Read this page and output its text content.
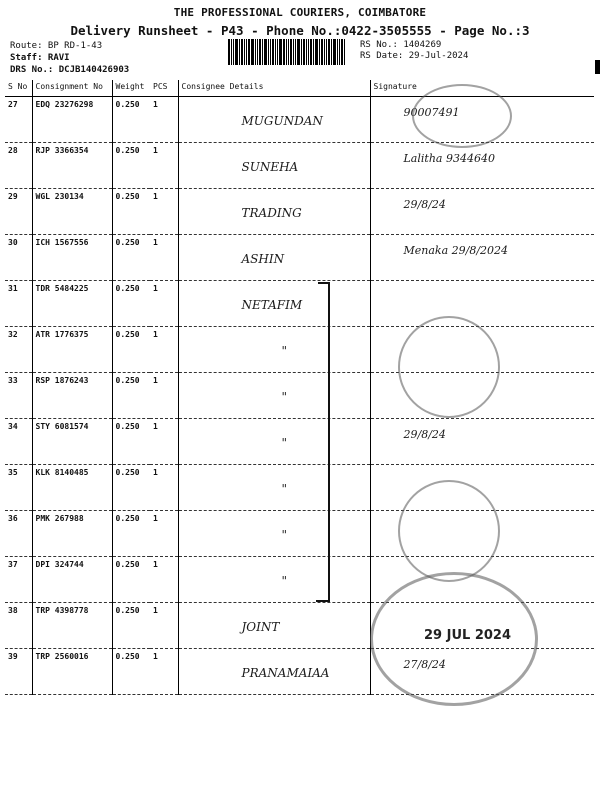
THE PROFESSIONAL COURIERS, COIMBATORE
Delivery Runsheet - P43 - Phone No.:0422-3505555 - Page No.:3
Route: BP RD-1-43
Staff: RAVI
DRS No.: DCJB140426903
RS No.: 1404269
RS Date: 29-Jul-2024
S No	Consignment No	Weight	PCS	Consignee Details	Signature
27	EDQ 23276298	0.250	1	MUGUNDAN	90007491
28	RJP 3366354	0.250	1	SUNEHA	Lalitha 9344640
29	WGL 230134	0.250	1	TRADING	29/8/24
30	ICH 1567556	0.250	1	ASHIN	Menaka 29/8/2024
31	TDR 5484225	0.250	1	NETAFIM	
32	ATR 1776375	0.250	1	"	
33	RSP 1876243	0.250	1	"	
34	STY 6081574	0.250	1	"	29/8/24
35	KLK 8140485	0.250	1	"	
36	PMK 267988	0.250	1	"	
37	DPI 324744	0.250	1	"	
38	TRP 4398778	0.250	1	JOINT	
39	TRP 2560016	0.250	1	PRANAMAIAA	27/8/24
29 JUL 2024
